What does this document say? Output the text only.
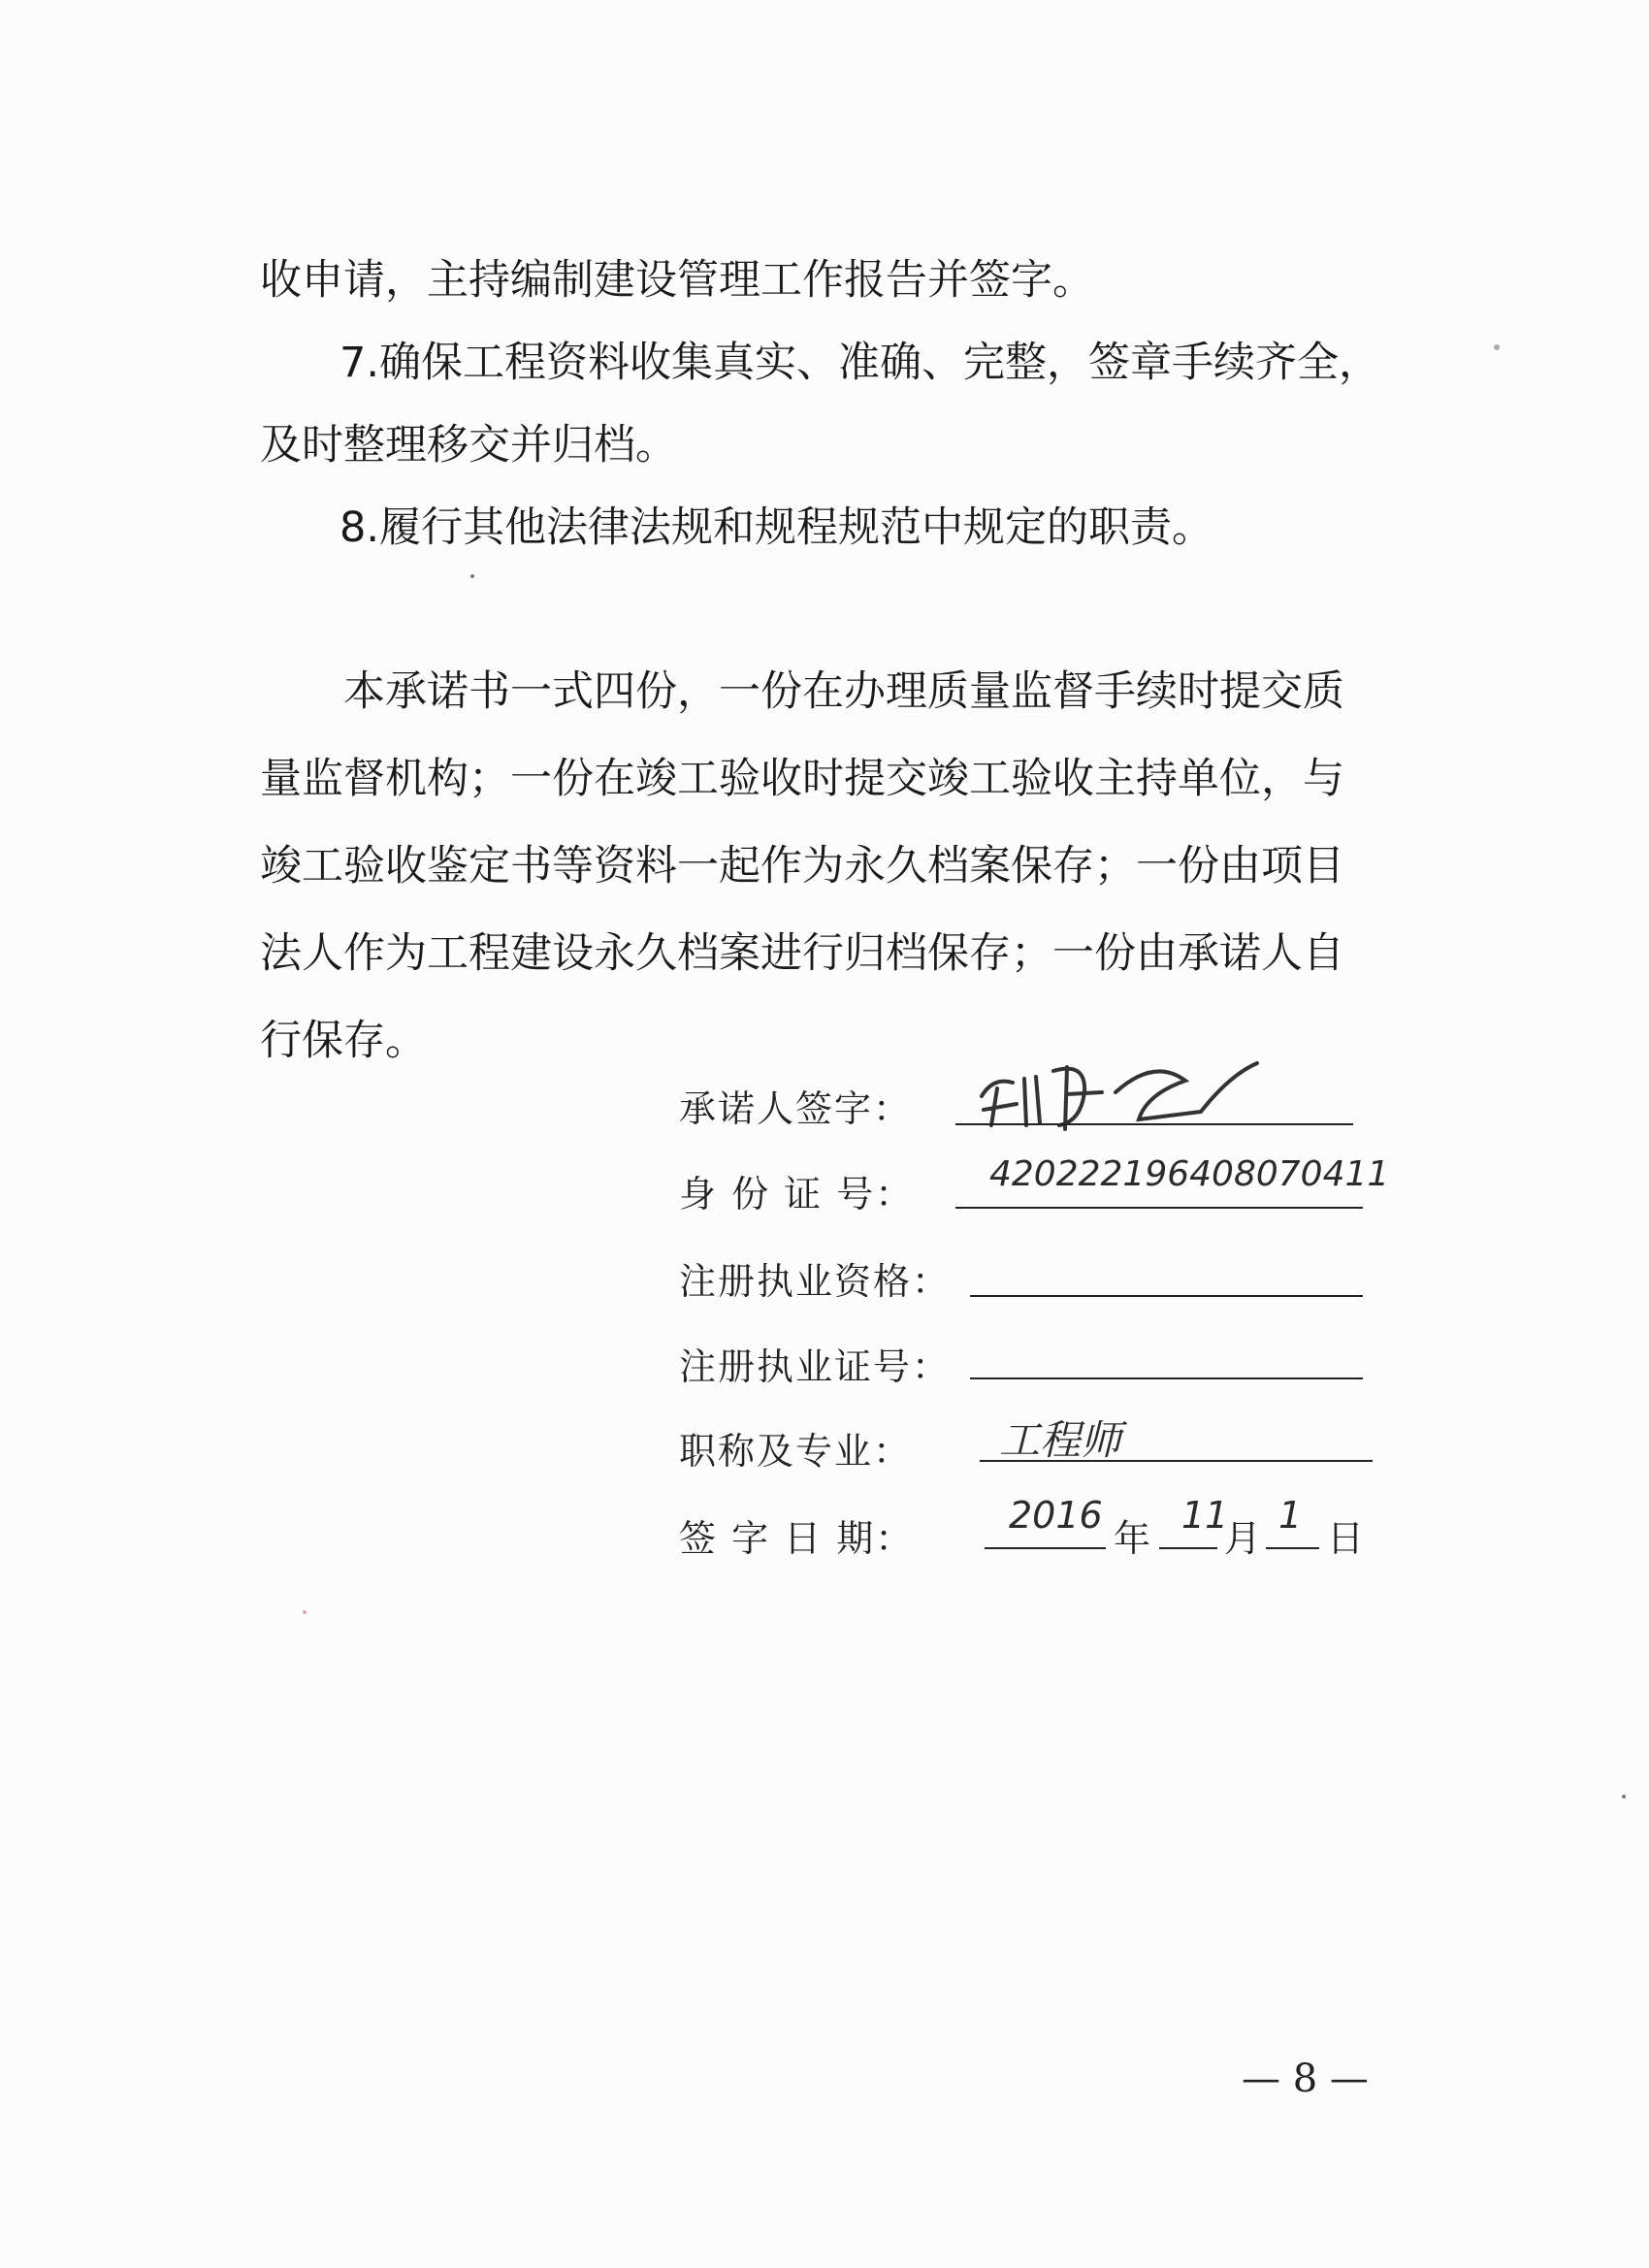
收申请，主持编制建设管理工作报告并签字。
7.确保工程资料收集真实、准确、完整，签章手续齐全，
及时整理移交并归档。
8.履行其他法律法规和规程规范中规定的职责。
本承诺书一式四份，一份在办理质量监督手续时提交质量监督机构；一份在竣工验收时提交竣工验收主持单位，与竣工验收鉴定书等资料一起作为永久档案保存；一份由项目法人作为工程建设永久档案进行归档保存；一份由承诺人自行保存。
承诺人签字：
身 份 证 号： 420222196408070411
注册执业资格：
注册执业证号：
职称及专业： 工程师
签 字 日 期：
2016
年
11
月
1
日
— 8 —
